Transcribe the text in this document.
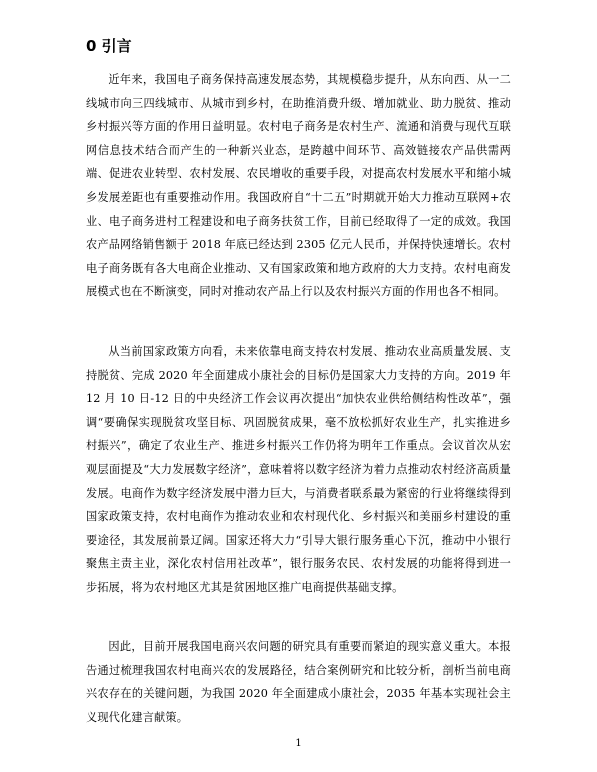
0 引言

近年来，我国电子商务保持高速发展态势，其规模稳步提升，从东向西、从一二线城市向三四线城市、从城市到乡村，在助推消费升级、增加就业、助力脱贫、推动乡村振兴等方面的作用日益明显。农村电子商务是农村生产、流通和消费与现代互联网信息技术结合而产生的一种新兴业态，是跨越中间环节、高效链接农产品供需两端、促进农业转型、农村发展、农民增收的重要手段，对提高农村发展水平和缩小城乡发展差距也有重要推动作用。我国政府自“十二五”时期就开始大力推动互联网+农业、电子商务进村工程建设和电子商务扶贫工作，目前已经取得了一定的成效。我国农产品网络销售额于 2018 年底已经达到 2305 亿元人民币，并保持快速增长。农村电子商务既有各大电商企业推动、又有国家政策和地方政府的大力支持。农村电商发展模式也在不断演变，同时对推动农产品上行以及农村振兴方面的作用也各不相同。

从当前国家政策方向看，未来依靠电商支持农村发展、推动农业高质量发展、支持脱贫、完成 2020 年全面建成小康社会的目标仍是国家大力支持的方向。2019 年 12 月 10 日-12 日的中央经济工作会议再次提出“加快农业供给侧结构性改革”，强调“要确保实现脱贫攻坚目标、巩固脱贫成果，毫不放松抓好农业生产，扎实推进乡村振兴”，确定了农业生产、推进乡村振兴工作仍将为明年工作重点。会议首次从宏观层面提及“大力发展数字经济”，意味着将以数字经济为着力点推动农村经济高质量发展。电商作为数字经济发展中潜力巨大，与消费者联系最为紧密的行业将继续得到国家政策支持，农村电商作为推动农业和农村现代化、乡村振兴和美丽乡村建设的重要途径，其发展前景辽阔。国家还将大力“引导大银行服务重心下沉，推动中小银行聚焦主责主业，深化农村信用社改革”，银行服务农民、农村发展的功能将得到进一步拓展，将为农村地区尤其是贫困地区推广电商提供基础支撑。

因此，目前开展我国电商兴农问题的研究具有重要而紧迫的现实意义重大。本报告通过梳理我国农村电商兴农的发展路径，结合案例研究和比较分析，剖析当前电商兴农存在的关键问题，为我国 2020 年全面建成小康社会，2035 年基本实现社会主义现代化建言献策。

1
